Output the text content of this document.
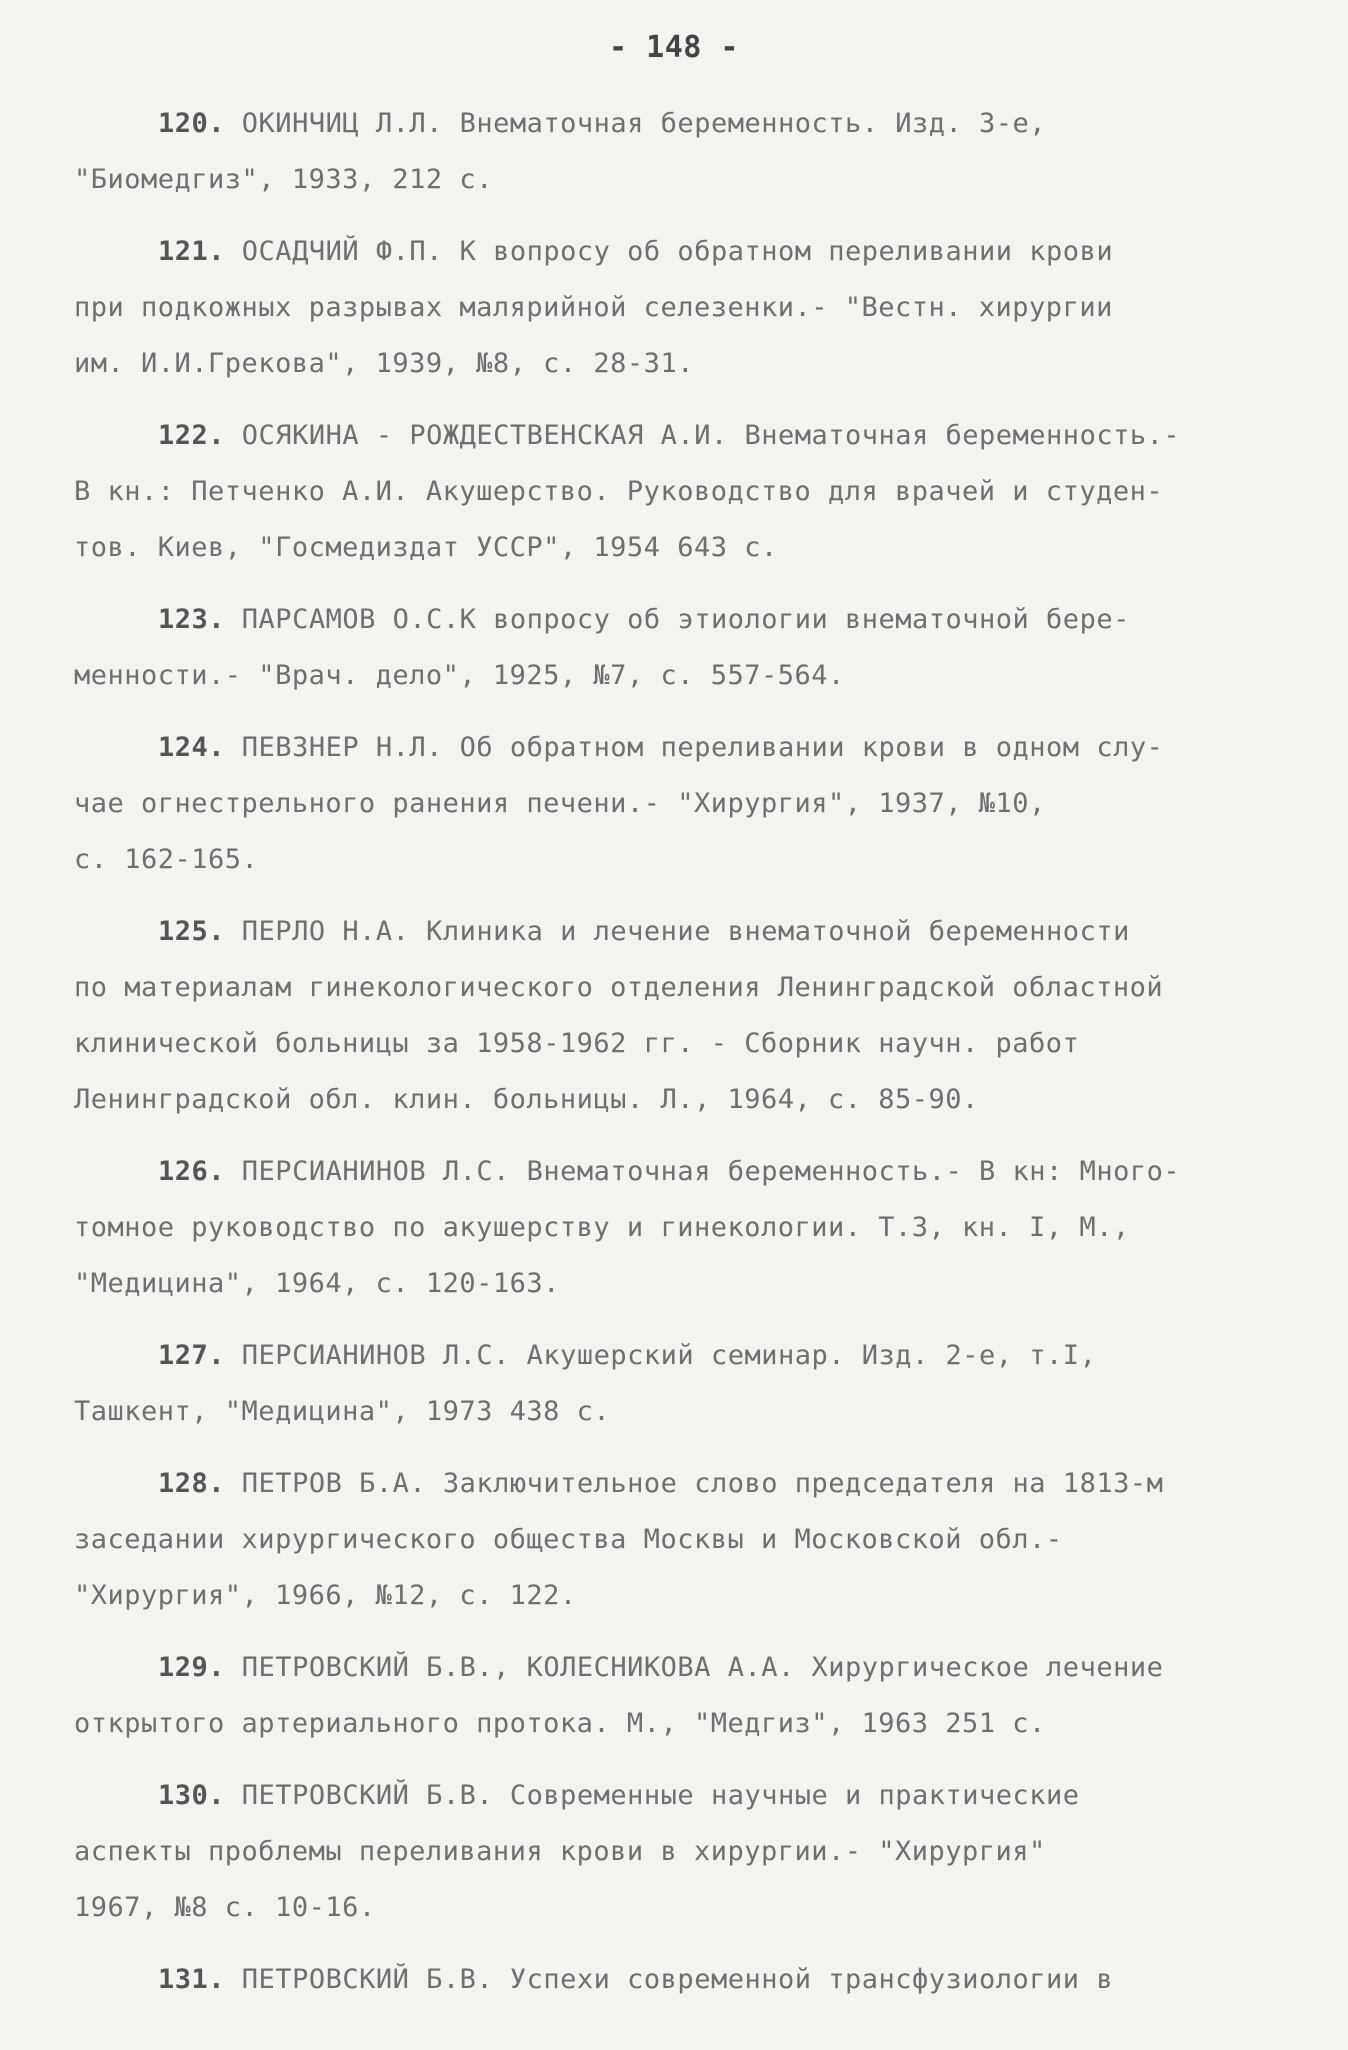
- 148 -
120. ОКИНЧИЦ Л.Л. Внематочная беременность. Изд. 3-е,
"Биомедгиз", 1933, 212 с.
121. ОСАДЧИЙ Ф.П. К вопросу об обратном переливании крови
при подкожных разрывах малярийной селезенки.- "Вестн. хирургии
им. И.И.Грекова", 1939, №8, с. 28-31.
122. ОСЯКИНА - РОЖДЕСТВЕНСКАЯ А.И. Внематочная беременность.-
В кн.: Петченко А.И. Акушерство. Руководство для врачей и студен-
тов. Киев, "Госмедиздат УССР", 1954 643 с.
123. ПАРСАМОВ О.С.К вопросу об этиологии внематочной бере-
менности.- "Врач. дело", 1925, №7, с. 557-564.
124. ПЕВЗНЕР Н.Л. Об обратном переливании крови в одном слу-
чае огнестрельного ранения печени.- "Хирургия", 1937, №10,
с. 162-165.
125. ПЕРЛО Н.А. Клиника и лечение внематочной беременности
по материалам гинекологического отделения Ленинградской областной
клинической больницы за 1958-1962 гг. - Сборник научн. работ
Ленинградской обл. клин. больницы. Л., 1964, с. 85-90.
126. ПЕРСИАНИНОВ Л.С. Внематочная беременность.- В кн: Много-
томное руководство по акушерству и гинекологии. Т.3, кн. I, М.,
"Медицина", 1964, с. 120-163.
127. ПЕРСИАНИНОВ Л.С. Акушерский семинар. Изд. 2-е, т.I,
Ташкент, "Медицина", 1973 438 с.
128. ПЕТРОВ Б.А. Заключительное слово председателя на 1813-м
заседании хирургического общества Москвы и Московской обл.-
"Хирургия", 1966, №12, с. 122.
129. ПЕТРОВСКИЙ Б.В., КОЛЕСНИКОВА А.А. Хирургическое лечение
открытого артериального протока. М., "Медгиз", 1963 251 с.
130. ПЕТРОВСКИЙ Б.В. Современные научные и практические
аспекты проблемы переливания крови в хирургии.- "Хирургия"
1967, №8 с. 10-16.
131. ПЕТРОВСКИЙ Б.В. Успехи современной трансфузиологии в
